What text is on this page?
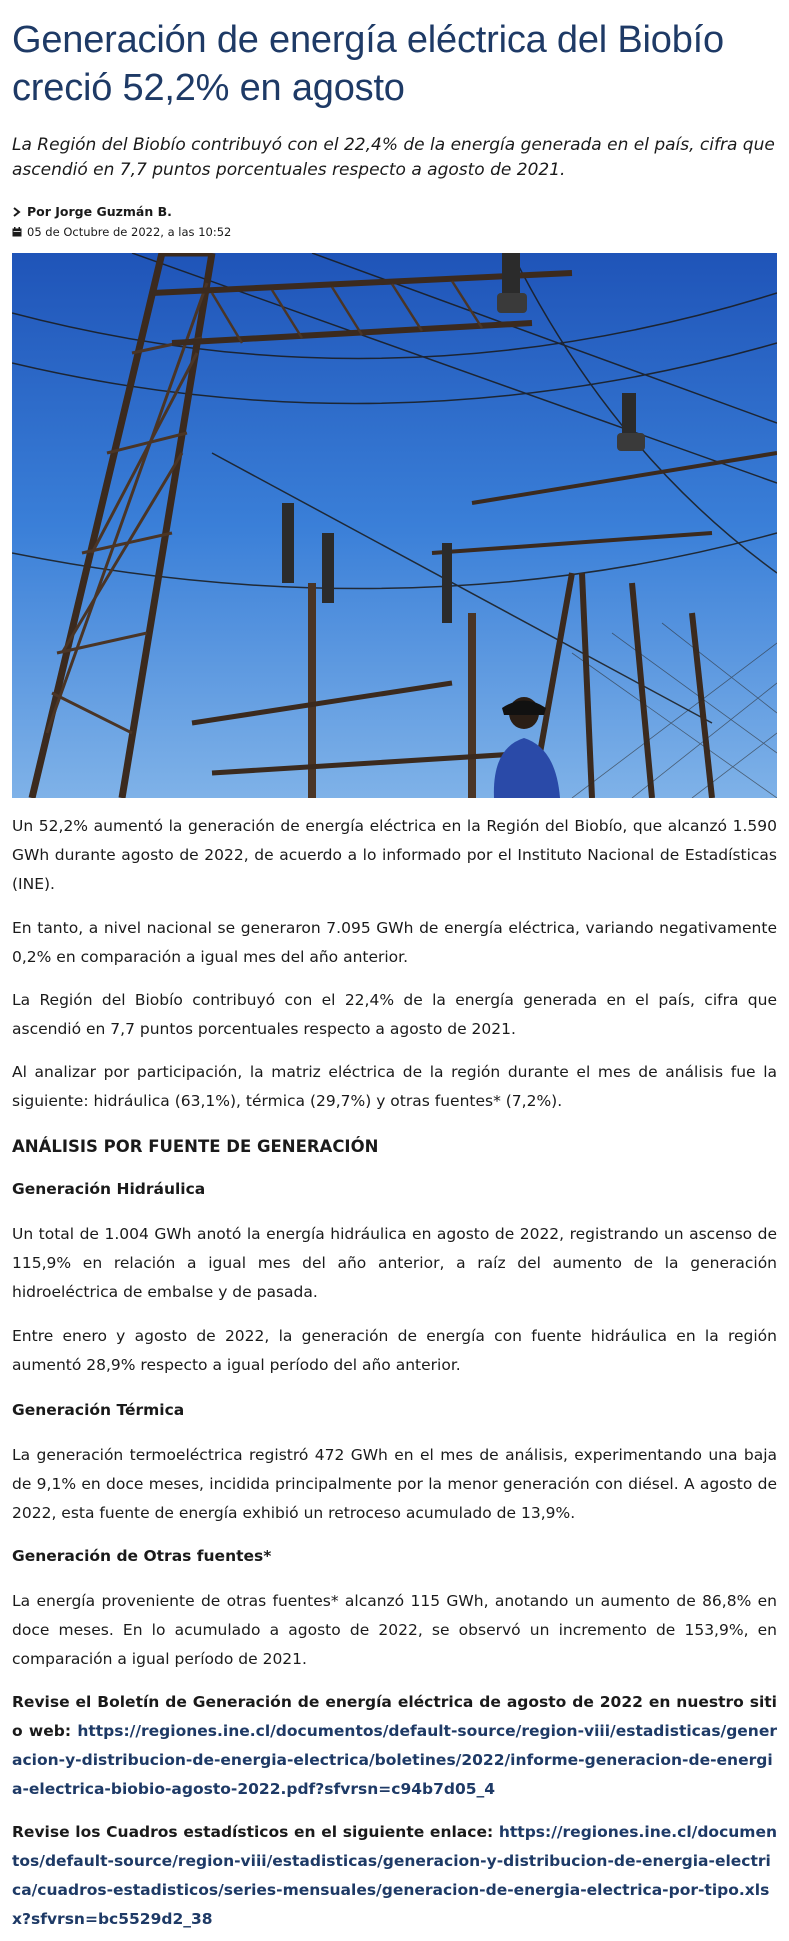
Generación de energía eléctrica del Biobío creció 52,2% en agosto

La Región del Biobío contribuyó con el 22,4% de la energía generada en el país, cifra que ascendió en 7,7 puntos porcentuales respecto a agosto de 2021.

Por Jorge Guzmán B.
05 de Octubre de 2022, a las 10:52

Un 52,2% aumentó la generación de energía eléctrica en la Región del Biobío, que alcanzó 1.590 GWh durante agosto de 2022, de acuerdo a lo informado por el Instituto Nacional de Estadísticas (INE).

En tanto, a nivel nacional se generaron 7.095 GWh de energía eléctrica, variando negativamente 0,2% en comparación a igual mes del año anterior.

La Región del Biobío contribuyó con el 22,4% de la energía generada en el país, cifra que ascendió en 7,7 puntos porcentuales respecto a agosto de 2021.

Al analizar por participación, la matriz eléctrica de la región durante el mes de análisis fue la siguiente: hidráulica (63,1%), térmica (29,7%) y otras fuentes* (7,2%).

ANÁLISIS POR FUENTE DE GENERACIÓN
Generación Hidráulica

Un total de 1.004 GWh anotó la energía hidráulica en agosto de 2022, registrando un ascenso de 115,9% en relación a igual mes del año anterior, a raíz del aumento de la generación hidroeléctrica de embalse y de pasada.

Entre enero y agosto de 2022, la generación de energía con fuente hidráulica en la región aumentó 28,9% respecto a igual período del año anterior.

Generación Térmica

La generación termoeléctrica registró 472 GWh en el mes de análisis, experimentando una baja de 9,1% en doce meses, incidida principalmente por la menor generación con diésel. A agosto de 2022, esta fuente de energía exhibió un retroceso acumulado de 13,9%.

Generación de Otras fuentes*

La energía proveniente de otras fuentes* alcanzó 115 GWh, anotando un aumento de 86,8% en doce meses. En lo acumulado a agosto de 2022, se observó un incremento de 153,9%, en comparación a igual período de 2021.

Revise el Boletín de Generación de energía eléctrica de agosto de 2022 en nuestro sitio web: https://regiones.ine.cl/documentos/default-source/region-viii/estadisticas/generacion-y-distribucion-de-energia-electrica/boletines/2022/informe-generacion-de-energia-electrica-biobio-agosto-2022.pdf?sfvrsn=c94b7d05_4

Revise los Cuadros estadísticos en el siguiente enlace: https://regiones.ine.cl/documentos/default-source/region-viii/estadisticas/generacion-y-distribucion-de-energia-electrica/cuadros-estadisticos/series-mensuales/generacion-de-energia-electrica-por-tipo.xlsx?sfvrsn=bc5529d2_38
